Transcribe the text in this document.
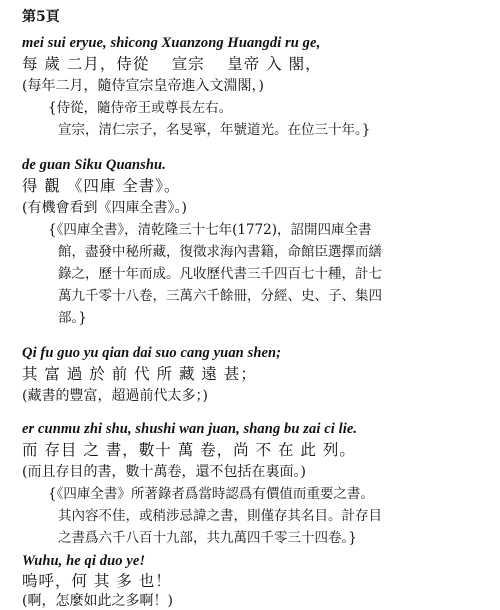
第5頁
mei sui eryue, shicong Xuanzong Huangdi ru ge,
每 歲 二月，侍從　 宣宗　 皇帝 入 閣，
(每年二月，隨侍宣宗皇帝進入文淵閣，)
{侍從，隨侍帝王或尊長左右。
宣宗，清仁宗子，名旻寧，年號道光。在位三十年。}
de guan Siku Quanshu.
得 觀 《四庫 全書》。
(有機會看到《四庫全書》。)
{《四庫全書》，清乾隆三十七年(1772)，詔開四庫全書
館，盡發中秘所藏，復徵求海內書籍，命館臣選擇而繕
錄之，歷十年而成。凡收歷代書三千四百七十種，計七
萬九千零十八卷，三萬六千餘冊，分經、史、子、集四
部。}
Qi fu guo yu qian dai suo cang yuan shen;
其 富 過 於 前 代 所 藏 遠 甚；
(藏書的豐富，超過前代太多；)
er cunmu zhi shu, shushi wan juan, shang bu zai ci lie.
而 存目 之 書，數十 萬 卷，尚 不 在 此 列。
(而且存目的書，數十萬卷，還不包括在裏面。)
{《四庫全書》所著錄者爲當時認爲有價值而重要之書。
其內容不佳，或稍涉忌諱之書，則僅存其名目。計存目
之書爲六千八百十九部，共九萬四千零三十四卷。}
Wuhu, he qi duo ye!
嗚呼，何 其 多 也！
(啊，怎麼如此之多啊！)
